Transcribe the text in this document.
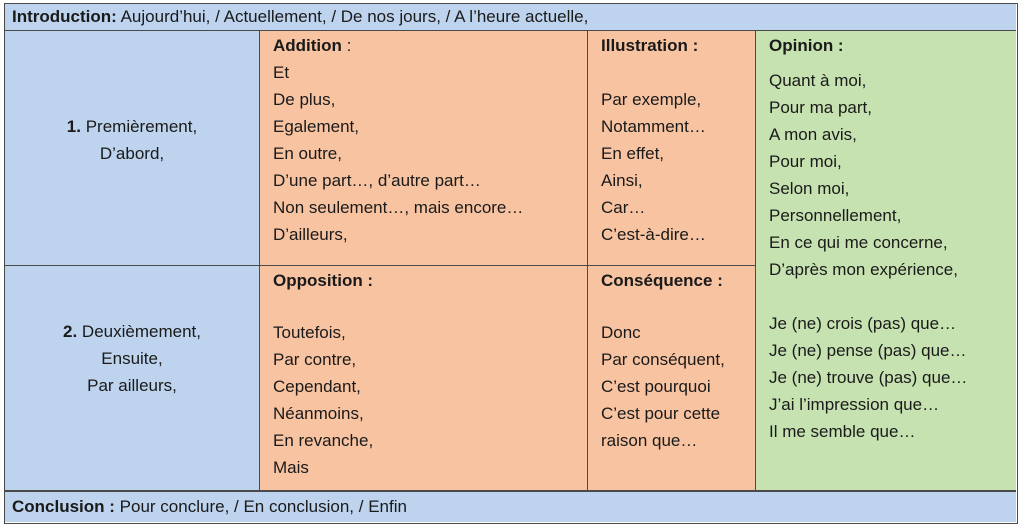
Introduction: Aujourd’hui, / Actuellement, / De nos jours, / A l’heure actuelle,
1. Premièrement,
D’abord,
2. Deuxièmement,
Ensuite,
Par ailleurs,
Addition :
Et
De plus,
Egalement,
En outre,
D’une part…, d’autre part…
Non seulement…, mais encore…
D’ailleurs,
Illustration :
Par exemple,
Notamment…
En effet,
Ainsi,
Car…
C’est-à-dire…
Opposition :
Toutefois,
Par contre,
Cependant,
Néanmoins,
En revanche,
Mais
Conséquence :
Donc
Par conséquent,
C’est pourquoi
C’est pour cette
raison que…
Opinion :
Quant à moi,
Pour ma part,
A mon avis,
Pour moi,
Selon moi,
Personnellement,
En ce qui me concerne,
D’après mon expérience,
Je (ne) crois (pas) que…
Je (ne) pense (pas) que…
Je (ne) trouve (pas) que…
J’ai l’impression que…
Il me semble que…
Conclusion : Pour conclure, / En conclusion, / Enfin
